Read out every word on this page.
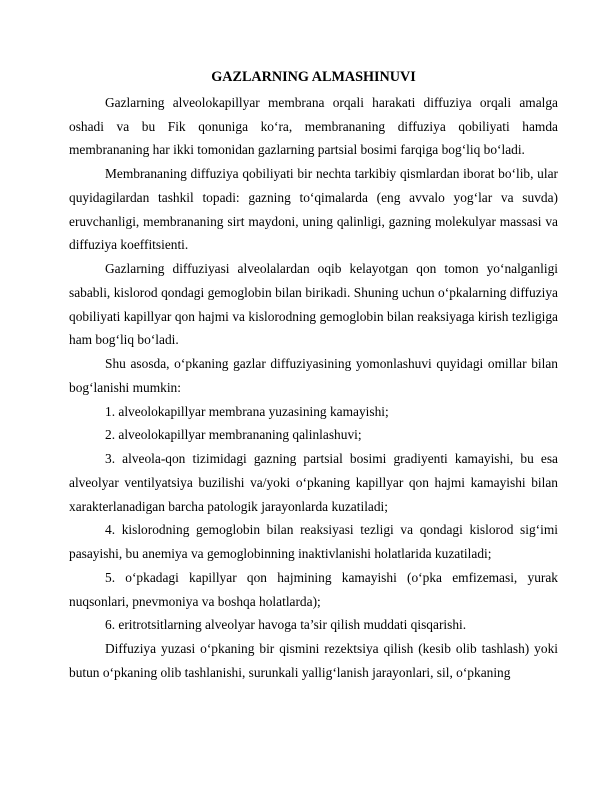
GAZLARNING ALMASHINUVI

Gazlarning alveolokapillyar membrana orqali harakati diffuziya orqali amalga oshadi va bu Fik qonuniga ko‘ra, membrananing diffuziya qobiliyati hamda membrananing har ikki tomonidan gazlarning partsial bosimi farqiga bog‘liq bo‘ladi.

Membrananing diffuziya qobiliyati bir nechta tarkibiy qismlardan iborat bo‘lib, ular quyidagilardan tashkil topadi: gazning to‘qimalarda (eng avvalo yog‘lar va suvda) eruvchanligi, membrananing sirt maydoni, uning qalinligi, gazning molekulyar massasi va diffuziya koeffitsienti.

Gazlarning diffuziyasi alveolalardan oqib kelayotgan qon tomon yo‘nalganligi sababli, kislorod qondagi gemoglobin bilan birikadi. Shuning uchun o‘pkalarning diffuziya qobiliyati kapillyar qon hajmi va kislorodning gemoglobin bilan reaksiyaga kirish tezligiga ham bog‘liq bo‘ladi.

Shu asosda, o‘pkaning gazlar diffuziyasining yomonlashuvi quyidagi omillar bilan bog‘lanishi mumkin:

1. alveolokapillyar membrana yuzasining kamayishi;

2. alveolokapillyar membrananing qalinlashuvi;

3. alveola-qon tizimidagi gazning partsial bosimi gradiyenti kamayishi, bu esa alveolyar ventilyatsiya buzilishi va/yoki o‘pkaning kapillyar qon hajmi kamayishi bilan xarakterlanadigan barcha patologik jarayonlarda kuzatiladi;

4. kislorodning gemoglobin bilan reaksiyasi tezligi va qondagi kislorod sig‘imi pasayishi, bu anemiya va gemoglobinning inaktivlanishi holatlarida kuzatiladi;

5. o‘pkadagi kapillyar qon hajmining kamayishi (o‘pka emfizemasi, yurak nuqsonlari, pnevmoniya va boshqa holatlarda);

6. eritrotsitlarning alveolyar havoga ta’sir qilish muddati qisqarishi.

Diffuziya yuzasi o‘pkaning bir qismini rezektsiya qilish (kesib olib tashlash) yoki butun o‘pkaning olib tashlanishi, surunkali yallig‘lanish jarayonlari, sil, o‘pkaning
